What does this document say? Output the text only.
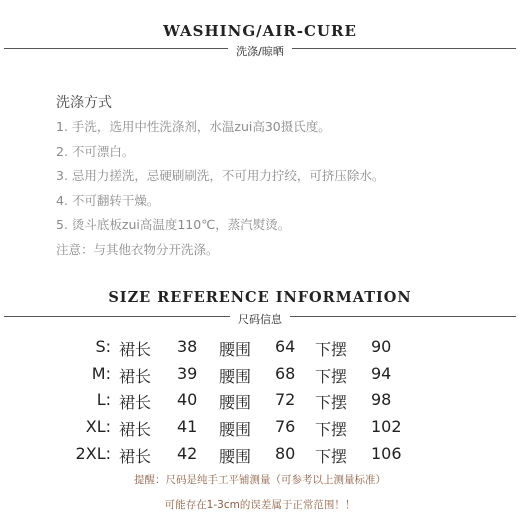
WASHING/AIR-CURE
洗涤/晾晒
洗涤方式
1. 手洗，选用中性洗涤剂，水温zui高30摄氏度。
2. 不可漂白。
3. 忌用力搓洗，忌硬刷刷洗，不可用力拧绞，可挤压除水。
4. 不可翻转干燥。
5. 烫斗底板zui高温度110℃，蒸汽熨烫。
注意：与其他衣物分开洗涤。
SIZE REFERENCE INFORMATION
尺码信息
S: 裙长 38 腰围 64 下摆 90
M: 裙长 39 腰围 68 下摆 94
L: 裙长 40 腰围 72 下摆 98
XL: 裙长 41 腰围 76 下摆 102
2XL: 裙长 42 腰围 80 下摆 106
提醒：尺码是纯手工平铺测量（可参考以上测量标准）
可能存在1-3cm的误差属于正常范围！！
